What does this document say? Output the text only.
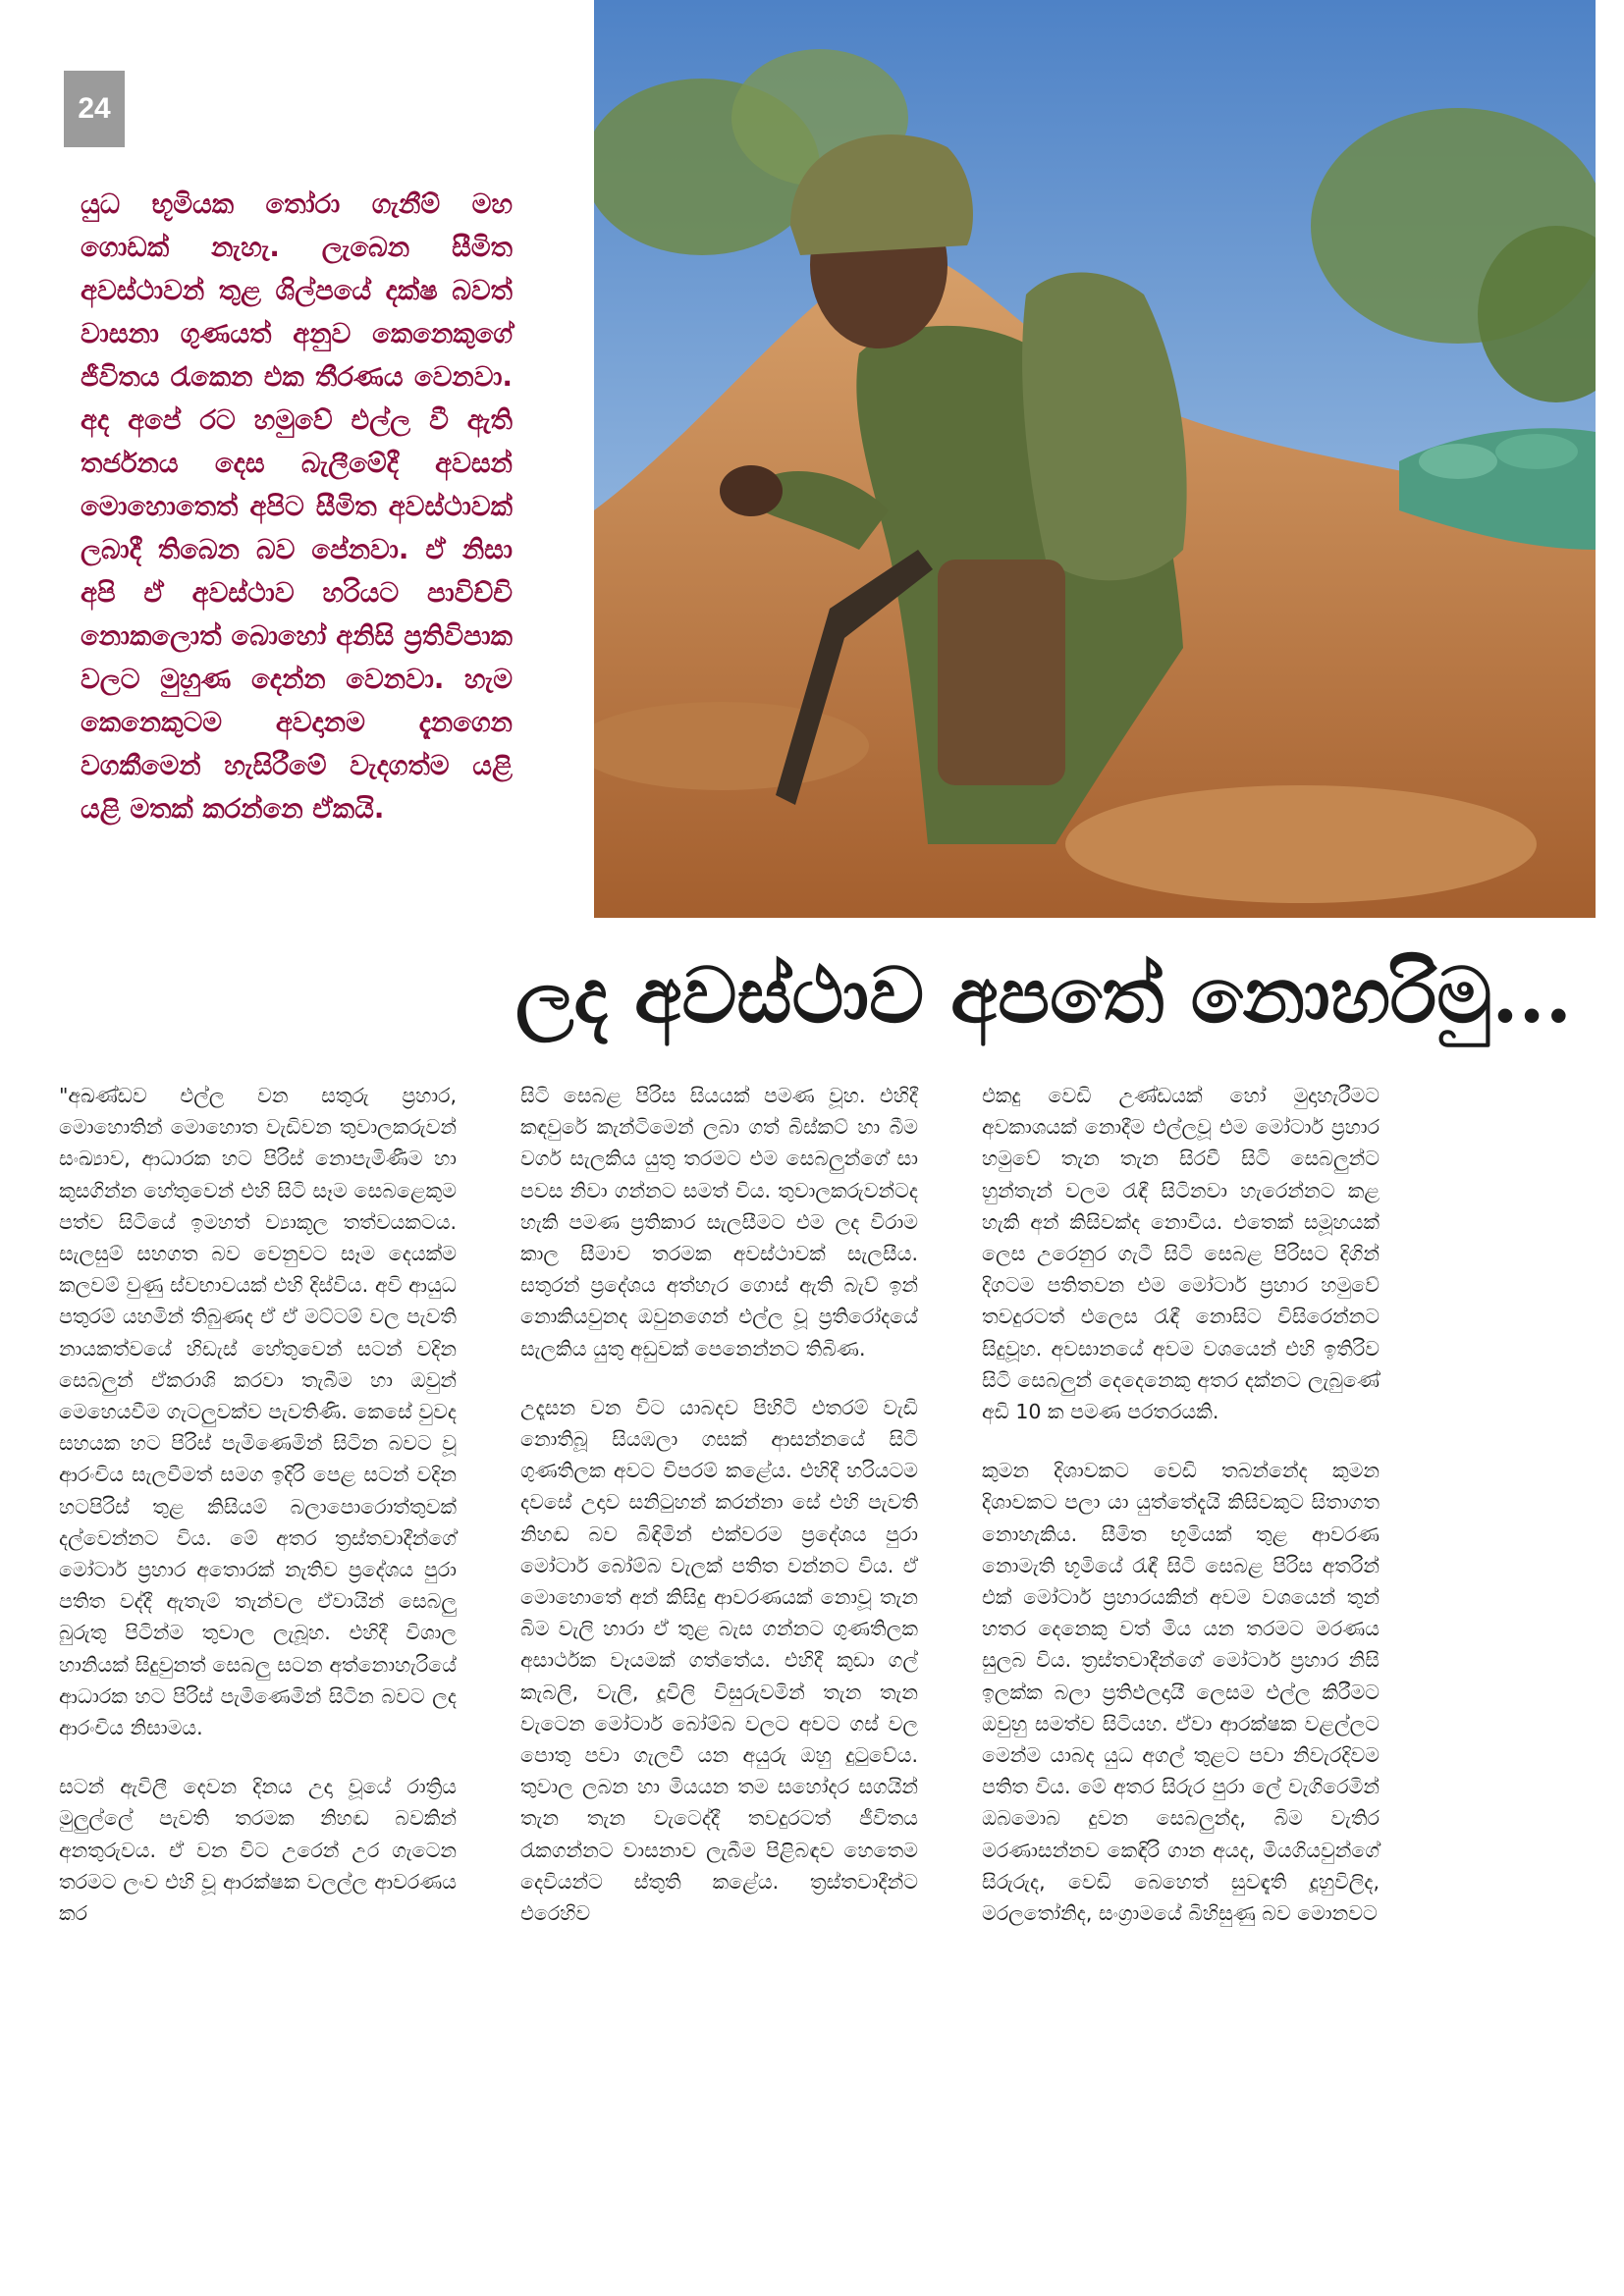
24
යුධ භූමියක තෝරා ගැනීම් මහ ගොඩක් නැහැ. ලැබෙන සීමිත අවස්ථාවන් තුළ ශිල්පයේ දක්ෂ බවත් වාසනා ගුණයත් අනුව කෙනෙකුගේ ජීවිතය රැකෙන එක තීරණය වෙනවා. අද අපේ රට හමුවේ එල්ල වී ඇති තර්ජනය දෙස බැලීමේදී අවසන් මොහොතෙත් අපිට සීමිත අවස්ථාවක් ලබාදී තිබෙන බව පේනවා. ඒ නිසා අපි ඒ අවස්ථාව හරියට පාවිච්චි නොකලොත් බොහෝ අනිසි ප්‍රතිවිපාක වලට මුහුණ දෙන්න වෙනවා. හැම කෙනෙකුටම අවදානම දැනගෙන වගකීමෙන් හැසිරීමේ වැදගත්ම යළි යළි මතක් කරන්නෙ ඒකයි.
ලද අවස්ථාව අපතේ නොහරිමු...

"අඛණ්ඩව එල්ල වන සතුරු ප්‍රහාර, මොහොතින් මොහොත වැඩිවන තුවාලකරුවන් සංඛ්‍යාව, ආධාරක හට පිරිස් නොපැමිණීම හා කුසගින්න හේතුවෙන් එහි සිටි සෑම සෙබළෙකුම පත්ව සිටියේ ඉමහත් ව්‍යාකූල තත්වයකටය. සැලසුම් සහගත බව වෙනුවට සෑම දෙයක්ම කලවම් වුණු ස්වභාවයක් එහි දිස්විය. අවි ආයුධ පතුරම් යහමින් තිබුණද ඒ ඒ මට්ටම් වල පැවති නායකත්වයේ හිඩැස් හේතුවෙන් සටන් වදින සෙබලුන් ඒකරාශි කරවා තැබීම හා ඔවුන් මෙහෙයවීම ගැටලුවක්ව පැවතිණි. කෙසේ වුවද සහයක හට පිරිස් පැමිණෙමින් සිටින බවට වූ ආරංචිය සැලවීමත් සමග ඉදිරි පෙළ සටන් වදින හටපිරිස් තුළ කිසියම් බලාපොරොත්තුවක් දල්වෙන්නට විය. මේ අතර ත්‍රස්තවාදීන්ගේ මෝටාර් ප්‍රහාර අතොරක් නැතිව ප්‍රදේශය පුරා පතිත වද්දී ඇතැම් තැන්වල ඒවායින් සෙබලු බුරුතු පිටින්ම තුවාල ලැබූහ. එහිදී විශාල හානියක් සිදුවුනත් සෙබලු සටන අත්නොහැරියේ ආධාරක හට පිරිස් පැමිණෙමින් සිටින බවට ලද ආරංචිය නිසාමය.

සටන් ඇවිලී දෙවන දිනය උදා වූයේ රාත්‍රිය මුලුල්ලේ පැවති තරමක නිහඬ බවකින් අනතුරුවය. ඒ වන විට උරෙන් උර ගැටෙන තරමට ලංව එහි වූ ආරක්ෂක වලල්ල ආවරණය කර

සිටි සෙබළ පිරිස සියයක් පමණ වූහ. එහිදී කඳවුරේ කැන්ටිමෙන් ලබා ගත් බිස්කට් හා බීම වර්ග සැලකිය යුතු තරමට එම සෙබලුන්ගේ සා පවස නිවා ගන්නට සමත් විය. තුවාලකරුවන්ටද හැකි පමණ ප්‍රතිකාර සැලසීමට එම ලද විරාම කාල සීමාව තරමක අවස්ථාවක් සැලසීය. සතුරන් ප්‍රදේශය අත්හැර ගොස් ඇති බැව් ඉන් නොකියවුනද ඔවුනගෙන් එල්ල වූ ප්‍රතිරෝදයේ සැලකිය යුතු අඩුවක් පෙනෙන්නට තිබිණ.

උදෑසන වන විට යාබදව පිහිටි එතරම් වැඩි නොතිබූ සියඹලා ගසක් ආසන්නයේ සිටි ගුණතිලක අවට විපරම් කළේය. එහිදී හරියටම දවසේ උදාව සනිටුහන් කරන්නා සේ එහි පැවති නිහඬ බව බිඳිමින් එක්වරම ප්‍රදේශය පුරා මෝටාර් බෝම්බ වැලක් පතිත වන්නට විය. ඒ මොහොතේ අන් කිසිදු ආවරණයක් නොවූ තැන බිම වැලි හාරා ඒ තුළ බැස ගන්නට ගුණතිලක අසාර්ථක වෑයමක් ගත්තේය. එහිදී කුඩා ගල් කැබලි, වැලි, දූවිලි විසුරුවමින් තැන තැන වැටෙන මෝටාර් බෝම්බ වලට අවට ගස් වල පොතු පවා ගැලවී යන අයුරු ඔහු දුටුවේය. තුවාල ලබන හා මියයන තම සහෝදර සගයින් තැන තැන වැටෙද්දී තවදුරටත් ජීවිතය රැකගන්නට වාසනාව ලැබීම පිළිබඳව හෙතෙම දෙවියන්ට ස්තුති කළේය. ත්‍රස්තවාදීන්ට එරෙහිව

එකදු වෙඩි උණ්ඩයක් හෝ මුදාහැරීමට අවකාශයක් නොදීම එල්ලවූ එම මෝටාර් ප්‍රහාර හමුවේ තැන තැන සිරවී සිටි සෙබලුන්ට හුන්තැන් වලම රැඳී සිටිනවා හැරෙන්නට කළ හැකි අන් කිසිවක්ද නොවීය. එතෙක් සමූහයක් ලෙස උරෙනුර ගැටී සිටි සෙබළ පිරිසට දිගින් දිගටම පතිතවන එම මෝටාර් ප්‍රහාර හමුවේ තවදුරටත් එලෙස රැඳී නොසිට විසිරෙන්නට සිදුවූහ. අවසානයේ අවම වශයෙන් එහි ඉතිරිව සිටි සෙබලුන් දෙදෙනෙකු අතර දක්නට ලැබුණේ අඩි 10 ක පමණ පරතරයකි.

කුමන දිශාවකට වෙඩි තබන්නේද කුමන දිශාවකට පලා යා යුත්තේදැයි කිසිවකුට සිතාගත නොහැකිය. සීමිත භූමියක් තුළ ආවරණ නොමැති භූමියේ රැඳී සිටි සෙබළ පිරිස අතරින් එක් මෝටාර් ප්‍රහාරයකින් අවම වශයෙන් තුන් හතර දෙනෙකු වත් මිය යන තරමට මරණය සුලබ විය. ත්‍රස්තවාදීන්ගේ මෝටාර් ප්‍රහාර නිසි ඉලක්ක බලා ප්‍රතිඵලදායී ලෙසම එල්ල කිරීමට ඔවුහු සමත්ව සිටියහ. ඒවා ආරක්ෂක වළල්ලට මෙන්ම යාබද යුධ අගල් තුළට පවා නිවැරදිවම පතිත විය. මේ අතර සිරුර පුරා ලේ වැගිරෙමින් ඔබමොබ දුවන සෙබලුන්ද, බිම වැතිර මරණාසන්නව කෙඳිරි ගාන අයද, මියගියවුන්ගේ සිරුරුද, වෙඩි බෙහෙත් සුවඳැති දූහුවිලිද, මරලතෝනිද, සංග්‍රාමයේ බිහිසුණු බව මොනවට
